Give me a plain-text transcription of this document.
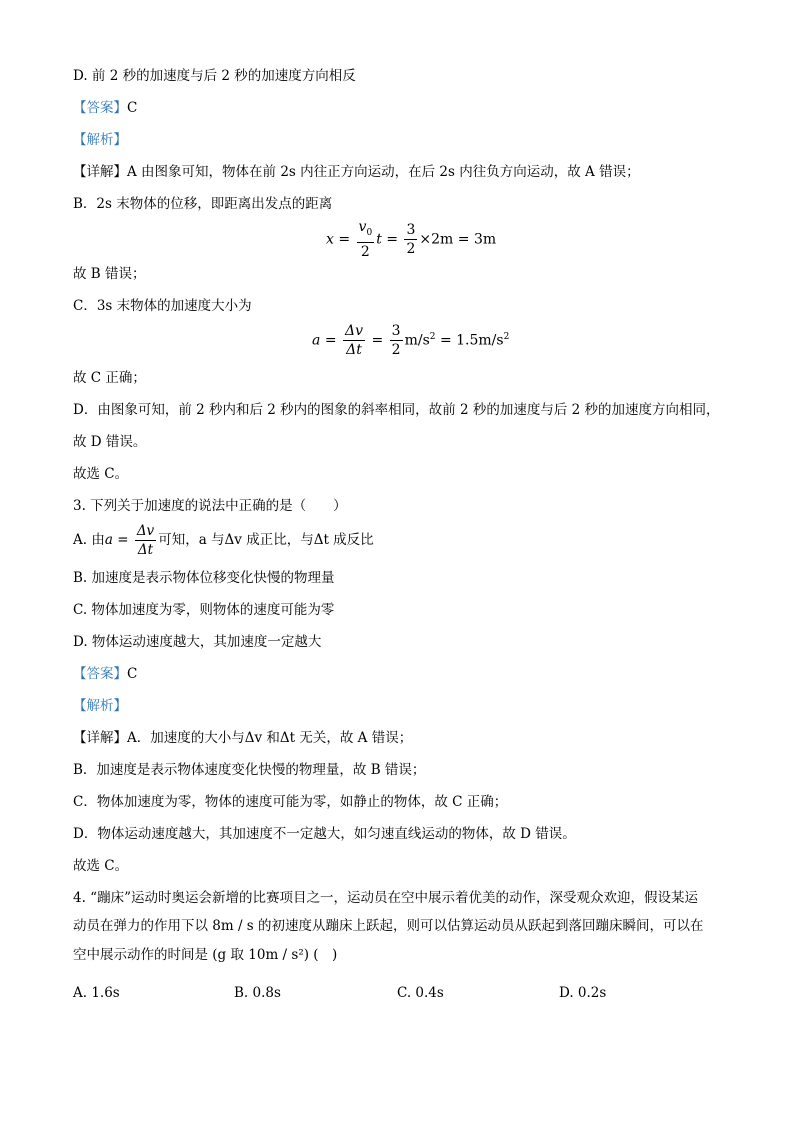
D. 前 2 秒的加速度与后 2 秒的加速度方向相反
【答案】C
【解析】
【详解】A 由图象可知，物体在前 2s 内往正方向运动，在后 2s 内往负方向运动，故 A 错误；
B．2s 末物体的位移，即距离出发点的距离
$x = \frac{v_0}{2}$ $t = \frac{3}{2} \times 2m = 3m$
故 B 错误；
C．3s 末物体的加速度大小为
$a = \frac{\Delta v}{\Delta t} = \frac{3}{2} m/s^2 = 1.5m/s^2$
故 C 正确；
D．由图象可知，前 2 秒内和后 2 秒内的图象的斜率相同，故前 2 秒的加速度与后 2 秒的加速度方向相同，
故 D 错误。
故选 C。
3. 下列关于加速度的说法中正确的是（　　）
A. 由$a = \frac{\Delta v}{\Delta t}$ 可知，a 与Δv 成正比，与Δt 成反比
B. 加速度是表示物体位移变化快慢的物理量
C. 物体加速度为零，则物体的速度可能为零
D. 物体运动速度越大，其加速度一定越大
【答案】C
【解析】
【详解】A．加速度的大小与Δv 和Δt 无关，故 A 错误；
B．加速度是表示物体速度变化快慢的物理量，故 B 错误；
C．物体加速度为零，物体的速度可能为零，如静止的物体，故 C 正确；
D．物体运动速度越大，其加速度不一定越大，如匀速直线运动的物体，故 D 错误。
故选 C。
4. “蹦床”运动时奥运会新增的比赛项目之一，运动员在空中展示着优美的动作，深受观众欢迎，假设某运
动员在弹力的作用下以 8m / s 的初速度从蹦床上跃起，则可以估算运动员从跃起到落回蹦床瞬间，可以在
空中展示动作的时间是 (g 取 10m / s²) (　)
A. 1.6s	B. 0.8s	C. 0.4s	D. 0.2s
